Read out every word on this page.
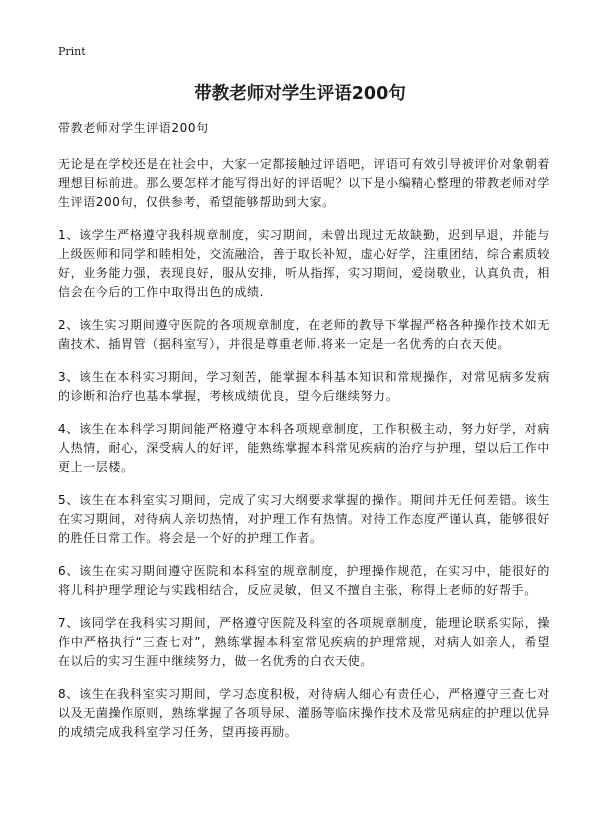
Print
带教老师对学生评语200句

带教老师对学生评语200句

无论是在学校还是在社会中，大家一定都接触过评语吧，评语可有效引导被评价对象朝着理想目标前进。那么要怎样才能写得出好的评语呢？以下是小编精心整理的带教老师对学生评语200句，仅供参考，希望能够帮助到大家。

1、该学生严格遵守我科规章制度，实习期间，未曾出现过无故缺勤，迟到早退，并能与上级医师和同学和睦相处，交流融洽，善于取长补短，虚心好学，注重团结，综合素质较好，业务能力强，表现良好，服从安排，听从指挥，实习期间，爱岗敬业，认真负责，相信会在今后的工作中取得出色的成绩.

2、该生实习期间遵守医院的各项规章制度，在老师的教导下掌握严格各种操作技术如无菌技术、插胃管（据科室写），并很是尊重老师.将来一定是一名优秀的白衣天使。

3、该生在本科实习期间，学习刻苦，能掌握本科基本知识和常规操作，对常见病多发病的诊断和治疗也基本掌握，考核成绩优良，望今后继续努力。

4、该生在本科学习期间能严格遵守本科各项规章制度，工作积极主动，努力好学，对病人热情，耐心，深受病人的好评，能熟练掌握本科常见疾病的治疗与护理，望以后工作中更上一层楼。

5、该生在本科室实习期间，完成了实习大纲要求掌握的操作。期间并无任何差错。该生在实习期间，对待病人亲切热情，对护理工作有热情。对待工作态度严谨认真，能够很好的胜任日常工作。将会是一个好的护理工作者。

6、该生在实习期间遵守医院和本科室的规章制度，护理操作规范，在实习中，能很好的将儿科护理学理论与实践相结合，反应灵敏，但又不擅自主张，称得上老师的好帮手。

7、该同学在我科实习期间，严格遵守医院及科室的各项规章制度，能理论联系实际，操作中严格执行“三查七对”，熟练掌握本科室常见疾病的护理常规，对病人如亲人，希望在以后的实习生涯中继续努力，做一名优秀的白衣天使。

8、该生在我科室实习期间，学习态度积极，对待病人细心有责任心，严格遵守三查七对以及无菌操作原则，熟练掌握了各项导尿、灌肠等临床操作技术及常见病症的护理以优异的成绩完成我科室学习任务，望再接再励。
